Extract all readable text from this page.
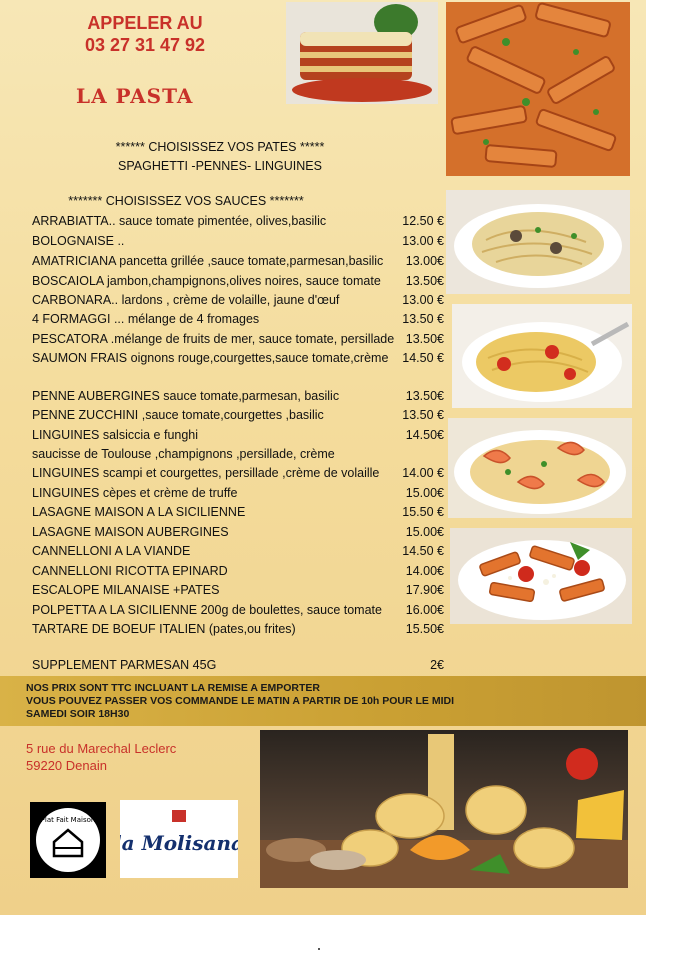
APPELER AU
03 27 31 47 92
LA PASTA
****** CHOISISSEZ VOS PATES *****
SPAGHETTI -PENNES- LINGUINES
******* CHOISISSEZ VOS SAUCES *******
ARRABIATTA.. sauce tomate pimentée, olives,basilic	12.50 €
BOLOGNAISE ..	13.00 €
AMATRICIANA pancetta grillée ,sauce tomate,parmesan,basilic 13.00€
BOSCAIOLA jambon,champignons,olives noires, sauce tomate 13.50€
CARBONARA.. lardons , crème de volaille, jaune d'œuf	13.00 €
4 FORMAGGI ... mélange de 4 fromages	13.50 €
PESCATORA .mélange de fruits de mer, sauce tomate, persillade 13.50€
SAUMON FRAIS oignons rouge,courgettes,sauce tomate,crème 14.50 €
PENNE AUBERGINES sauce tomate,parmesan, basilic	13.50€
PENNE ZUCCHINI ,sauce tomate,courgettes ,basilic	13.50 €
LINGUINES salsiccia e funghi	14.50€
saucisse de Toulouse ,champignons ,persillade, crème
LINGUINES scampi et courgettes, persillade ,crème de volaille 14.00 €
LINGUINES cèpes et crème de truffe	15.00€
LASAGNE MAISON A LA SICILIENNE	15.50 €
LASAGNE MAISON AUBERGINES	15.00€
CANNELLONI A LA VIANDE	14.50 €
CANNELLONI RICOTTA EPINARD	14.00€
ESCALOPE MILANAISE +PATES	17.90€
POLPETTA A LA SICILIENNE 200g de boulettes, sauce tomate 16.00€
TARTARE DE BOEUF ITALIEN (pates,ou frites)	15.50€
SUPPLEMENT PARMESAN 45G	2€
NOS PRIX SONT TTC INCLUANT LA REMISE A EMPORTER
VOUS POUVEZ PASSER VOS COMMANDE LE MATIN A PARTIR DE 10h POUR LE MIDI
SAMEDI SOIR 18H30
5 rue du Marechal Leclerc
59220 Denain
Plat Fait Maison
la Molisana
